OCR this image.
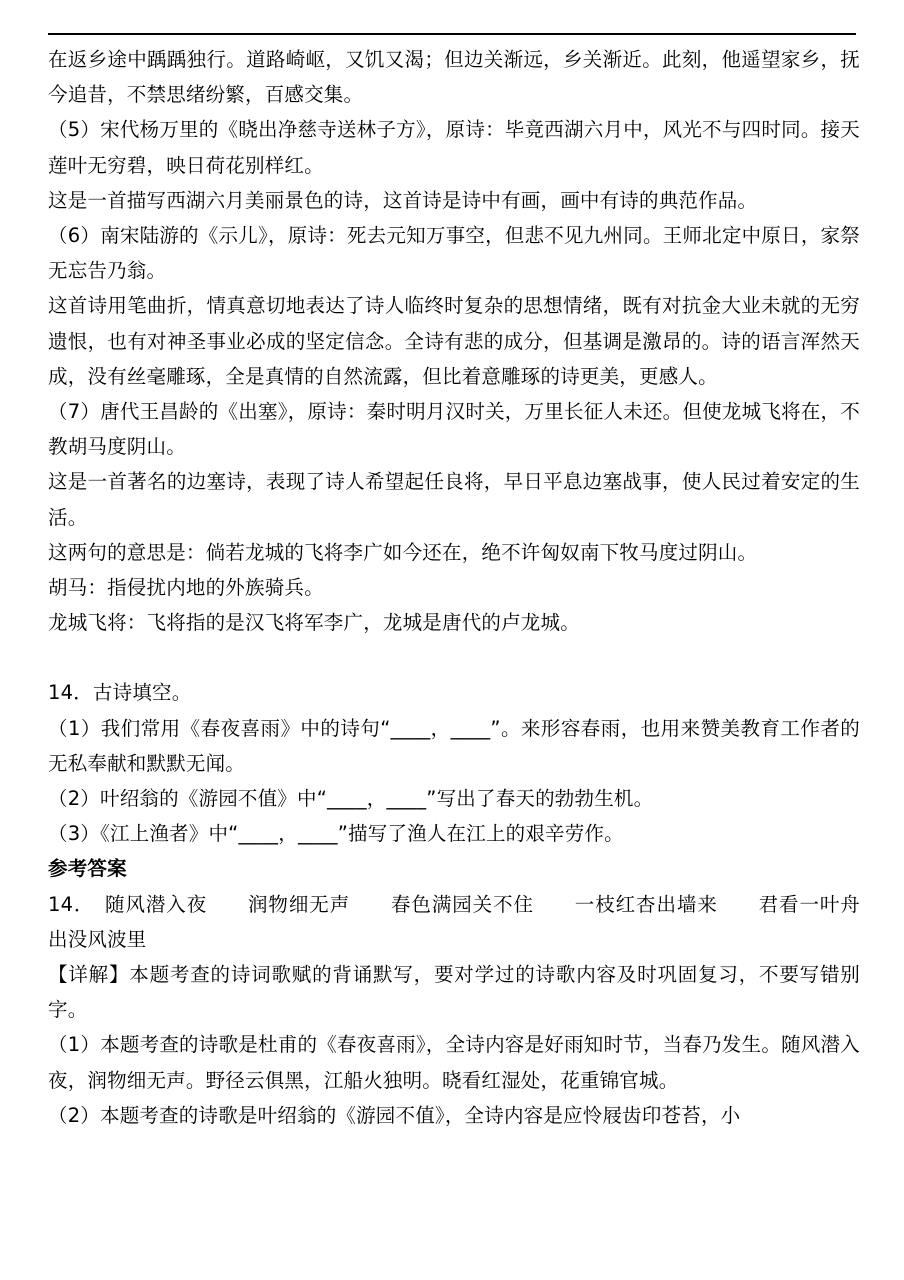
在返乡途中踽踽独行。道路崎岖，又饥又渴；但边关渐远，乡关渐近。此刻，他遥望家乡，抚今追昔，不禁思绪纷繁，百感交集。

（5）宋代杨万里的《晓出净慈寺送林子方》，原诗：毕竟西湖六月中，风光不与四时同。接天莲叶无穷碧，映日荷花别样红。

这是一首描写西湖六月美丽景色的诗，这首诗是诗中有画，画中有诗的典范作品。

（6）南宋陆游的《示儿》，原诗：死去元知万事空，但悲不见九州同。王师北定中原日，家祭无忘告乃翁。

这首诗用笔曲折，情真意切地表达了诗人临终时复杂的思想情绪，既有对抗金大业未就的无穷遗恨，也有对神圣事业必成的坚定信念。全诗有悲的成分，但基调是激昂的。诗的语言浑然天成，没有丝毫雕琢，全是真情的自然流露，但比着意雕琢的诗更美，更感人。

（7）唐代王昌龄的《出塞》，原诗：秦时明月汉时关，万里长征人未还。但使龙城飞将在，不教胡马度阴山。

这是一首著名的边塞诗，表现了诗人希望起任良将，早日平息边塞战事，使人民过着安定的生活。

这两句的意思是：倘若龙城的飞将李广如今还在，绝不许匈奴南下牧马度过阴山。

胡马：指侵扰内地的外族骑兵。

龙城飞将：飞将指的是汉飞将军李广，龙城是唐代的卢龙城。

14．古诗填空。

（1）我们常用《春夜喜雨》中的诗句“____，____”。来形容春雨，也用来赞美教育工作者的无私奉献和默默无闻。

（2）叶绍翁的《游园不值》中“____，____”写出了春天的勃勃生机。

（3）《江上渔者》中“____，____”描写了渔人在江上的艰辛劳作。

参考答案

14．　随风潜入夜　　润物细无声　　春色满园关不住　　一枝红杏出墙来　　君看一叶舟　　出没风波里

【详解】本题考查的诗词歌赋的背诵默写，要对学过的诗歌内容及时巩固复习，不要写错别字。

（1）本题考查的诗歌是杜甫的《春夜喜雨》，全诗内容是好雨知时节，当春乃发生。随风潜入夜，润物细无声。野径云俱黑，江船火独明。晓看红湿处，花重锦官城。

（2）本题考查的诗歌是叶绍翁的《游园不值》，全诗内容是应怜屐齿印苍苔，小
